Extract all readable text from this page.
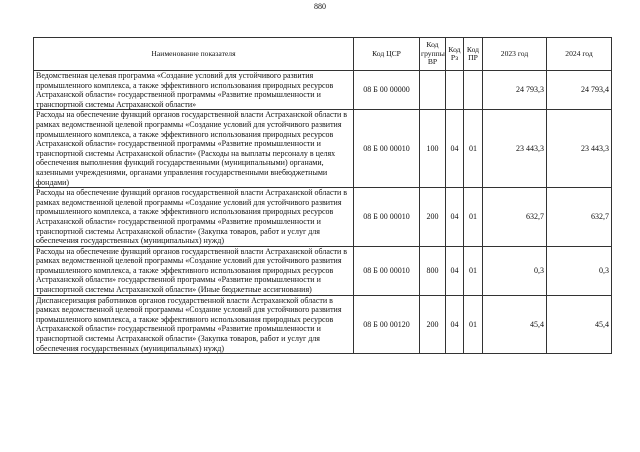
880
Наименование показателя	Код ЦСР	Код группы ВР	Код Рз	Код ПР	2023 год	2024 год
Ведомственная целевая программа «Создание условий для устойчивого развития промышленного комплекса, а также эффективного использования природных ресурсов Астраханской области» государственной программы «Развитие промышленности и транспортной системы Астраханской области»	08 Б 00 00000				24 793,3	24 793,4
Расходы на обеспечение функций органов государственной власти Астраханской области в рамках ведомственной целевой программы «Создание условий для устойчивого развития промышленного комплекса, а также эффективного использования природных ресурсов Астраханской области» государственной программы «Развитие промышленности и транспортной системы Астраханской области» (Расходы на выплаты персоналу в целях обеспечения выполнения функций государственными (муниципальными) органами, казенными учреждениями, органами управления государственными внебюджетными фондами)	08 Б 00 00010	100	04	01	23 443,3	23 443,3
Расходы на обеспечение функций органов государственной власти Астраханской области в рамках ведомственной целевой программы «Создание условий для устойчивого развития промышленного комплекса, а также эффективного использования природных ресурсов Астраханской области» государственной программы «Развитие промышленности и транспортной системы Астраханской области» (Закупка товаров, работ и услуг для обеспечения государственных (муниципальных) нужд)	08 Б 00 00010	200	04	01	632,7	632,7
Расходы на обеспечение функций органов государственной власти Астраханской области в рамках ведомственной целевой программы «Создание условий для устойчивого развития промышленного комплекса, а также эффективного использования природных ресурсов Астраханской области» государственной программы «Развитие промышленности и транспортной системы Астраханской области» (Иные бюджетные ассигнования)	08 Б 00 00010	800	04	01	0,3	0,3
Диспансеризация работников органов государственной власти Астраханской области в рамках ведомственной целевой программы «Создание условий для устойчивого развития промышленного комплекса, а также эффективного использования природных ресурсов Астраханской области» государственной программы «Развитие промышленности и транспортной системы Астраханской области» (Закупка товаров, работ и услуг для обеспечения государственных (муниципальных) нужд)	08 Б 00 00120	200	04	01	45,4	45,4
